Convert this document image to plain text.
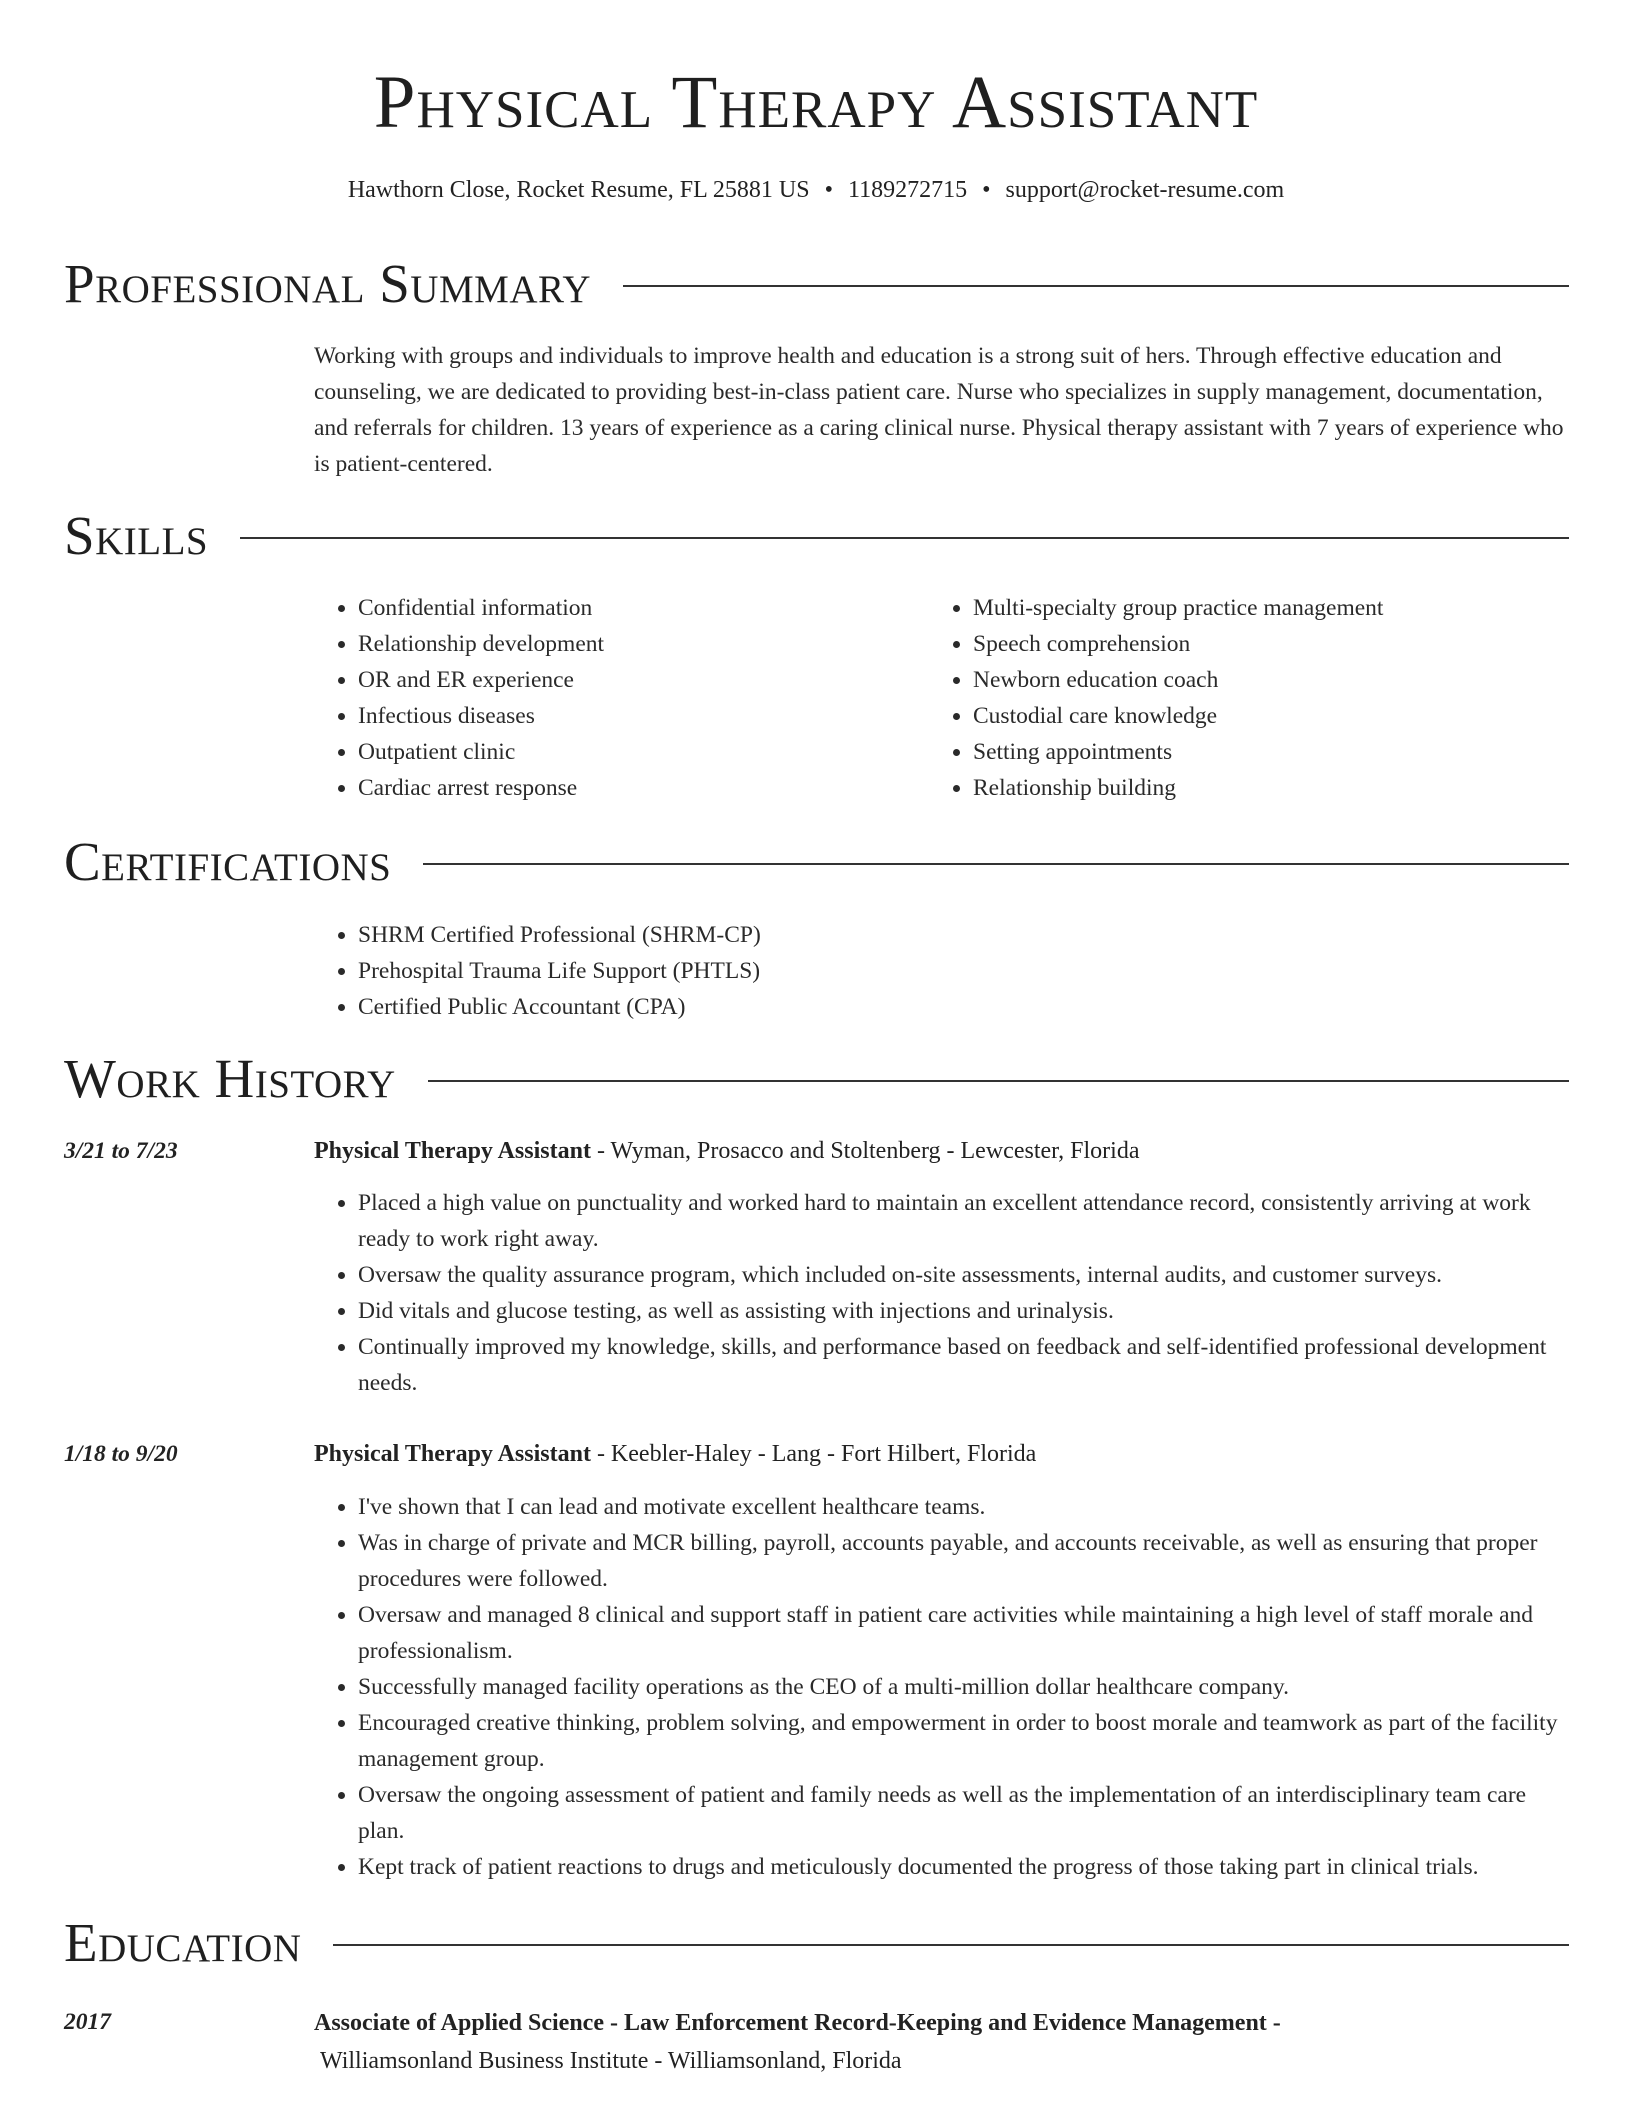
Physical Therapy Assistant
Hawthorn Close, Rocket Resume, FL 25881 US • 1189272715 • support@rocket-resume.com
Professional Summary
Working with groups and individuals to improve health and education is a strong suit of hers. Through effective education and counseling, we are dedicated to providing best-in-class patient care. Nurse who specializes in supply management, documentation, and referrals for children. 13 years of experience as a caring clinical nurse. Physical therapy assistant with 7 years of experience who is patient-centered.
Skills
• Confidential information
• Relationship development
• OR and ER experience
• Infectious diseases
• Outpatient clinic
• Cardiac arrest response
• Multi-specialty group practice management
• Speech comprehension
• Newborn education coach
• Custodial care knowledge
• Setting appointments
• Relationship building
Certifications
• SHRM Certified Professional (SHRM-CP)
• Prehospital Trauma Life Support (PHTLS)
• Certified Public Accountant (CPA)
Work History
3/21 to 7/23	Physical Therapy Assistant - Wyman, Prosacco and Stoltenberg - Lewcester, Florida
• Placed a high value on punctuality and worked hard to maintain an excellent attendance record, consistently arriving at work ready to work right away.
• Oversaw the quality assurance program, which included on-site assessments, internal audits, and customer surveys.
• Did vitals and glucose testing, as well as assisting with injections and urinalysis.
• Continually improved my knowledge, skills, and performance based on feedback and self-identified professional development needs.
1/18 to 9/20	Physical Therapy Assistant - Keebler-Haley - Lang - Fort Hilbert, Florida
• I've shown that I can lead and motivate excellent healthcare teams.
• Was in charge of private and MCR billing, payroll, accounts payable, and accounts receivable, as well as ensuring that proper procedures were followed.
• Oversaw and managed 8 clinical and support staff in patient care activities while maintaining a high level of staff morale and professionalism.
• Successfully managed facility operations as the CEO of a multi-million dollar healthcare company.
• Encouraged creative thinking, problem solving, and empowerment in order to boost morale and teamwork as part of the facility management group.
• Oversaw the ongoing assessment of patient and family needs as well as the implementation of an interdisciplinary team care plan.
• Kept track of patient reactions to drugs and meticulously documented the progress of those taking part in clinical trials.
Education
2017	Associate of Applied Science - Law Enforcement Record-Keeping and Evidence Management -
Williamsonland Business Institute - Williamsonland, Florida
